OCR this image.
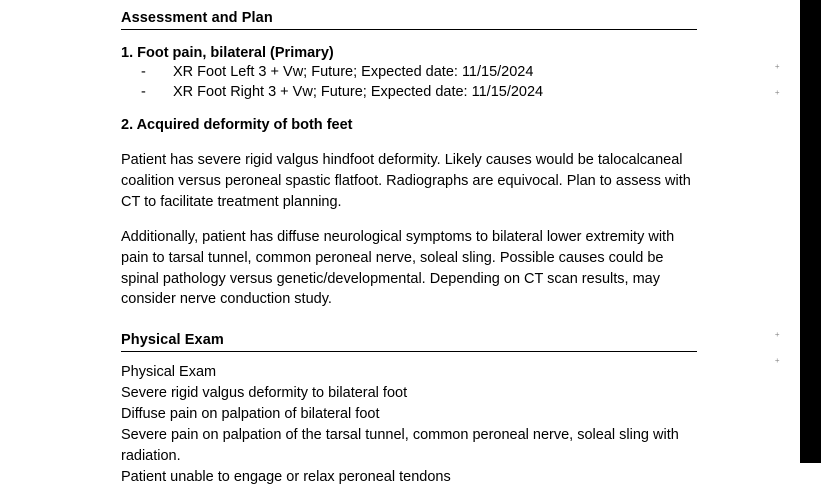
Assessment and Plan
1. Foot pain, bilateral (Primary)
- XR Foot Left 3 + Vw; Future; Expected date: 11/15/2024
- XR Foot Right 3 + Vw; Future; Expected date: 11/15/2024
2. Acquired deformity of both feet

Patient has severe rigid valgus hindfoot deformity. Likely causes would be talocalcaneal coalition versus peroneal spastic flatfoot. Radiographs are equivocal. Plan to assess with CT to facilitate treatment planning.

Additionally, patient has diffuse neurological symptoms to bilateral lower extremity with pain to tarsal tunnel, common peroneal nerve, soleal sling. Possible causes could be spinal pathology versus genetic/developmental. Depending on CT scan results, may consider nerve conduction study.

Physical Exam
Physical Exam
Severe rigid valgus deformity to bilateral foot
Diffuse pain on palpation of bilateral foot
Severe pain on palpation of the tarsal tunnel, common peroneal nerve, soleal sling with radiation.
Patient unable to engage or relax peroneal tendons
+
+
+
+
